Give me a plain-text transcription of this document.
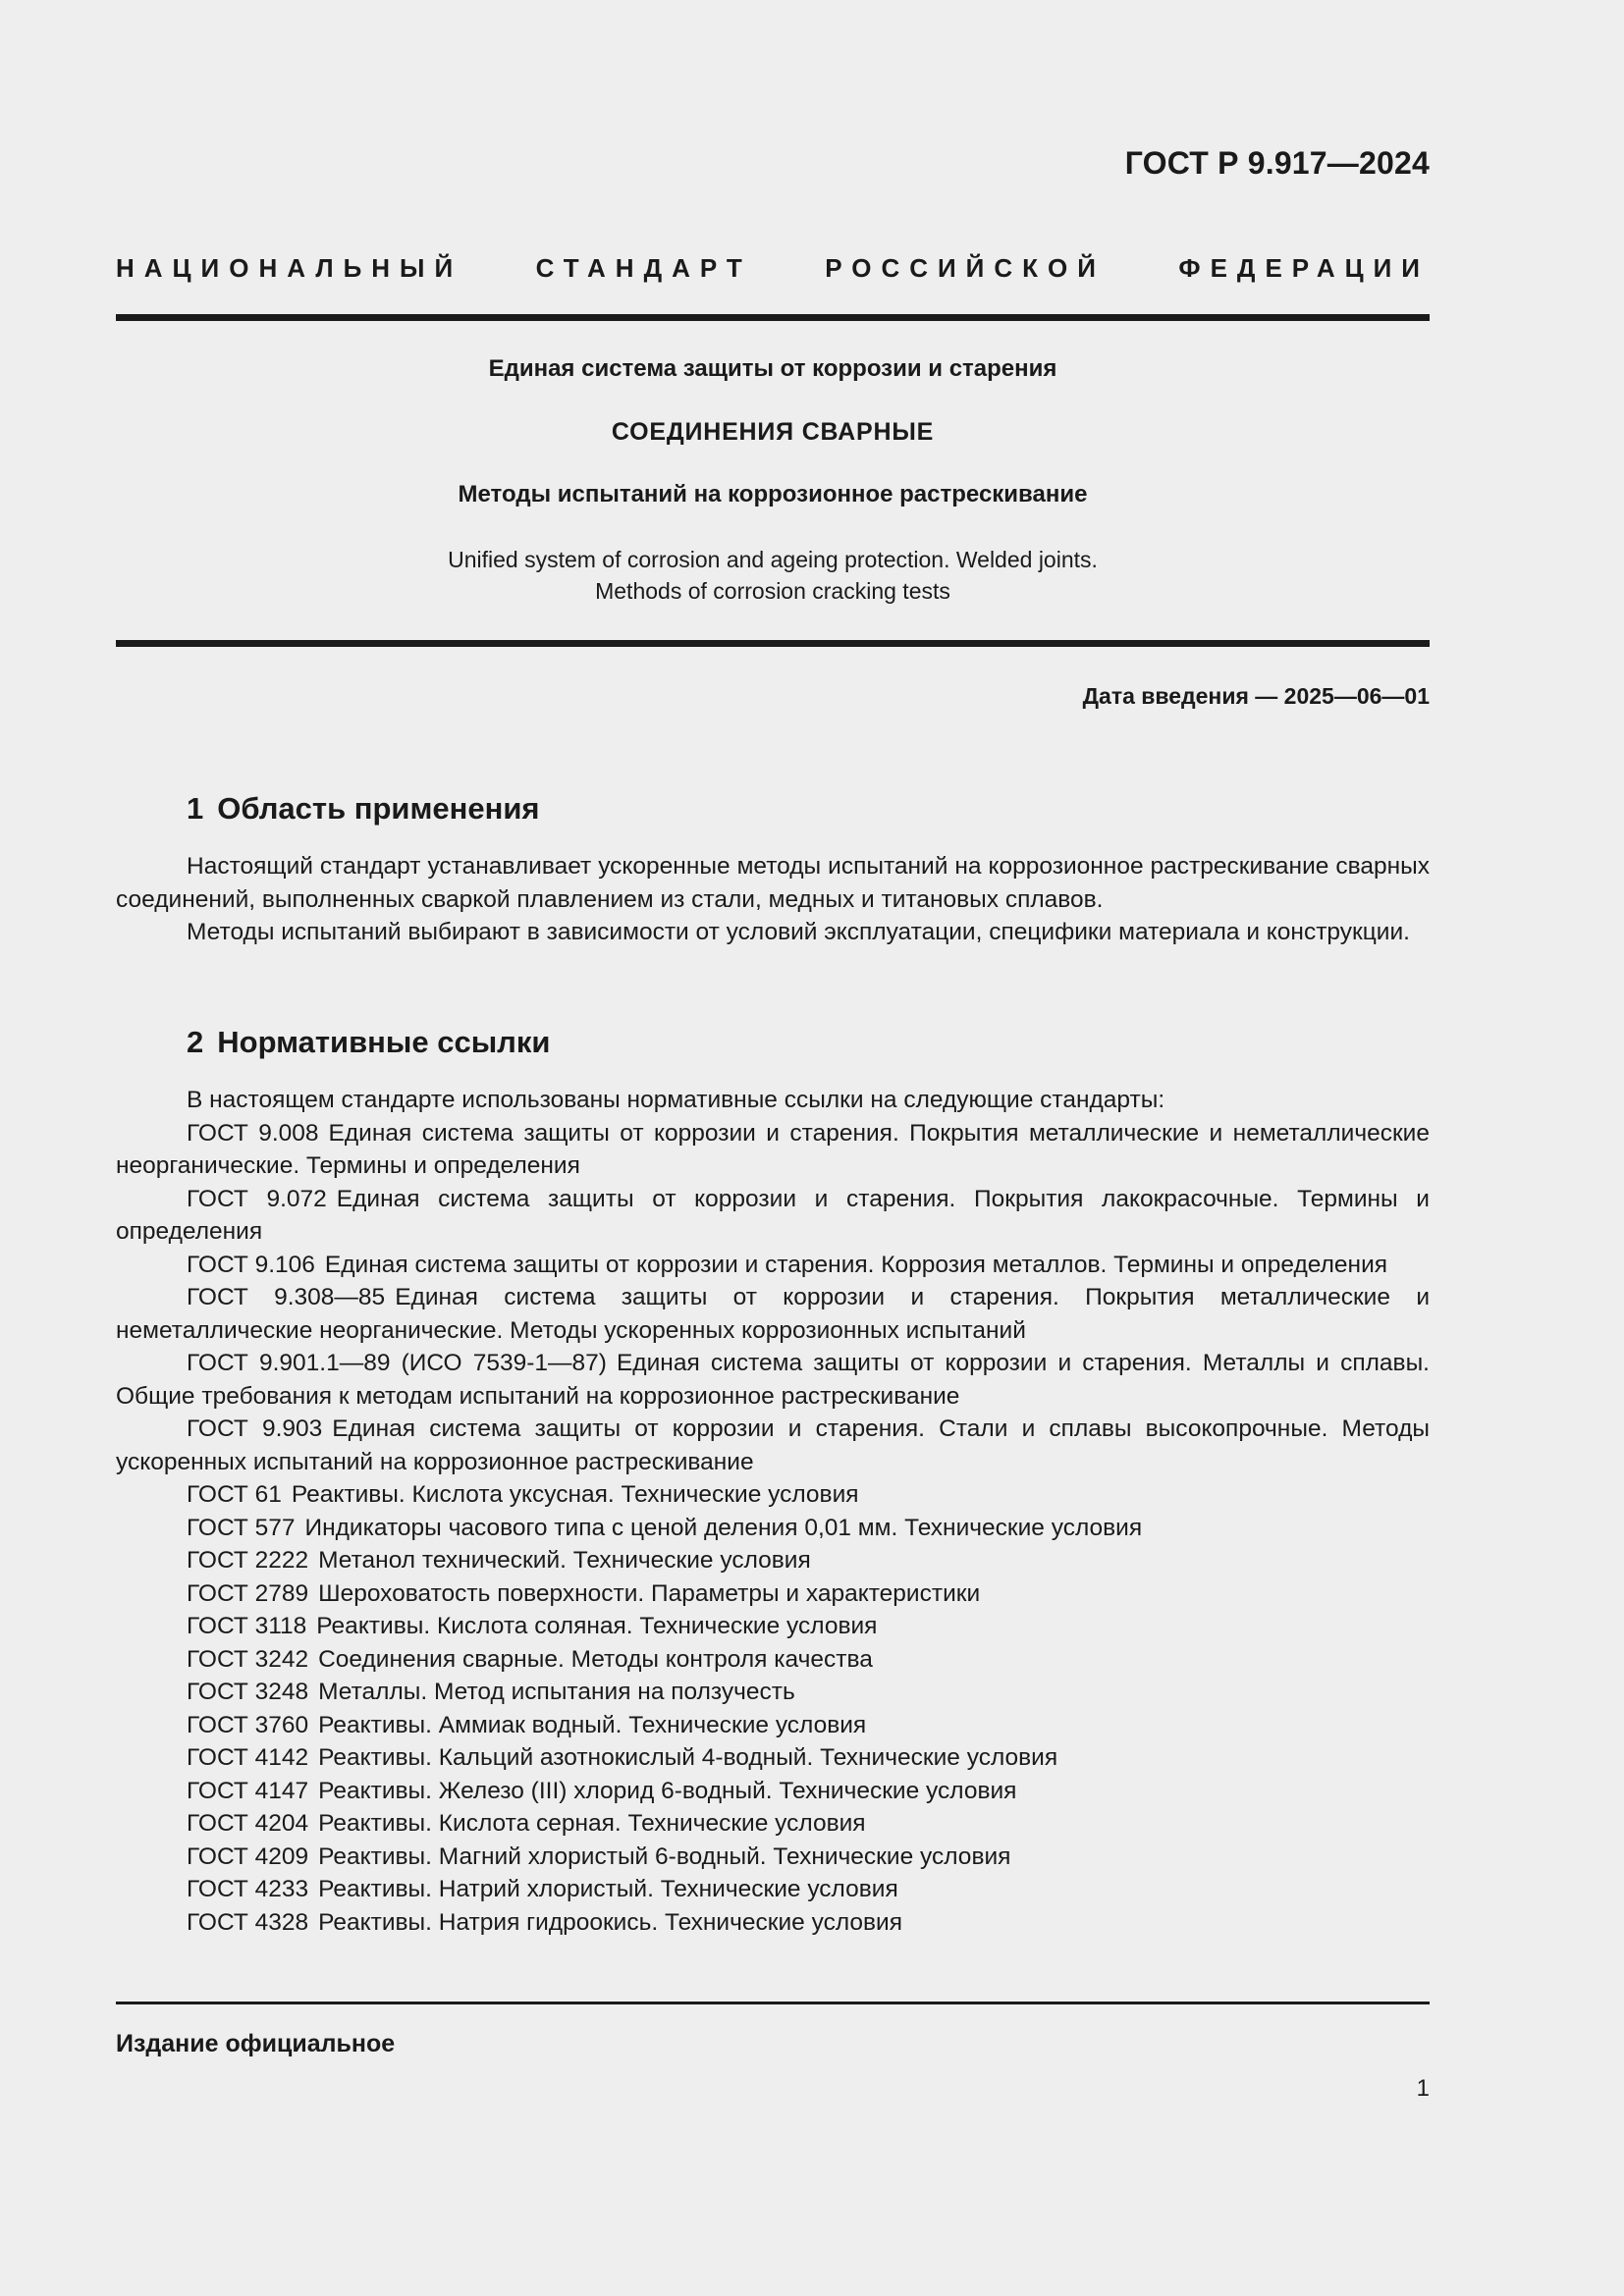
ГОСТ Р 9.917—2024
НАЦИОНАЛЬНЫЙ СТАНДАРТ РОССИЙСКОЙ ФЕДЕРАЦИИ
Единая система защиты от коррозии и старения
СОЕДИНЕНИЯ СВАРНЫЕ
Методы испытаний на коррозионное растрескивание
Unified system of corrosion and ageing protection. Welded joints.
Methods of corrosion cracking tests
Дата введения — 2025—06—01
1 Область применения

Настоящий стандарт устанавливает ускоренные методы испытаний на коррозионное растрескивание сварных соединений, выполненных сваркой плавлением из стали, медных и титановых сплавов.

Методы испытаний выбирают в зависимости от условий эксплуатации, специфики материала и конструкции.

2 Нормативные ссылки

В настоящем стандарте использованы нормативные ссылки на следующие стандарты:

ГОСТ 9.008 Единая система защиты от коррозии и старения. Покрытия металлические и неметаллические неорганические. Термины и определения

ГОСТ 9.072 Единая система защиты от коррозии и старения. Покрытия лакокрасочные. Термины и определения

ГОСТ 9.106 Единая система защиты от коррозии и старения. Коррозия металлов. Термины и определения

ГОСТ 9.308—85 Единая система защиты от коррозии и старения. Покрытия металлические и неметаллические неорганические. Методы ускоренных коррозионных испытаний

ГОСТ 9.901.1—89 (ИСО 7539-1—87) Единая система защиты от коррозии и старения. Металлы и сплавы. Общие требования к методам испытаний на коррозионное растрескивание

ГОСТ 9.903 Единая система защиты от коррозии и старения. Стали и сплавы высокопрочные. Методы ускоренных испытаний на коррозионное растрескивание

ГОСТ 61 Реактивы. Кислота уксусная. Технические условия

ГОСТ 577 Индикаторы часового типа с ценой деления 0,01 мм. Технические условия

ГОСТ 2222 Метанол технический. Технические условия

ГОСТ 2789 Шероховатость поверхности. Параметры и характеристики

ГОСТ 3118 Реактивы. Кислота соляная. Технические условия

ГОСТ 3242 Соединения сварные. Методы контроля качества

ГОСТ 3248 Металлы. Метод испытания на ползучесть

ГОСТ 3760 Реактивы. Аммиак водный. Технические условия

ГОСТ 4142 Реактивы. Кальций азотнокислый 4-водный. Технические условия

ГОСТ 4147 Реактивы. Железо (III) хлорид 6-водный. Технические условия

ГОСТ 4204 Реактивы. Кислота серная. Технические условия

ГОСТ 4209 Реактивы. Магний хлористый 6-водный. Технические условия

ГОСТ 4233 Реактивы. Натрий хлористый. Технические условия

ГОСТ 4328 Реактивы. Натрия гидроокись. Технические условия

Издание официальное
1
